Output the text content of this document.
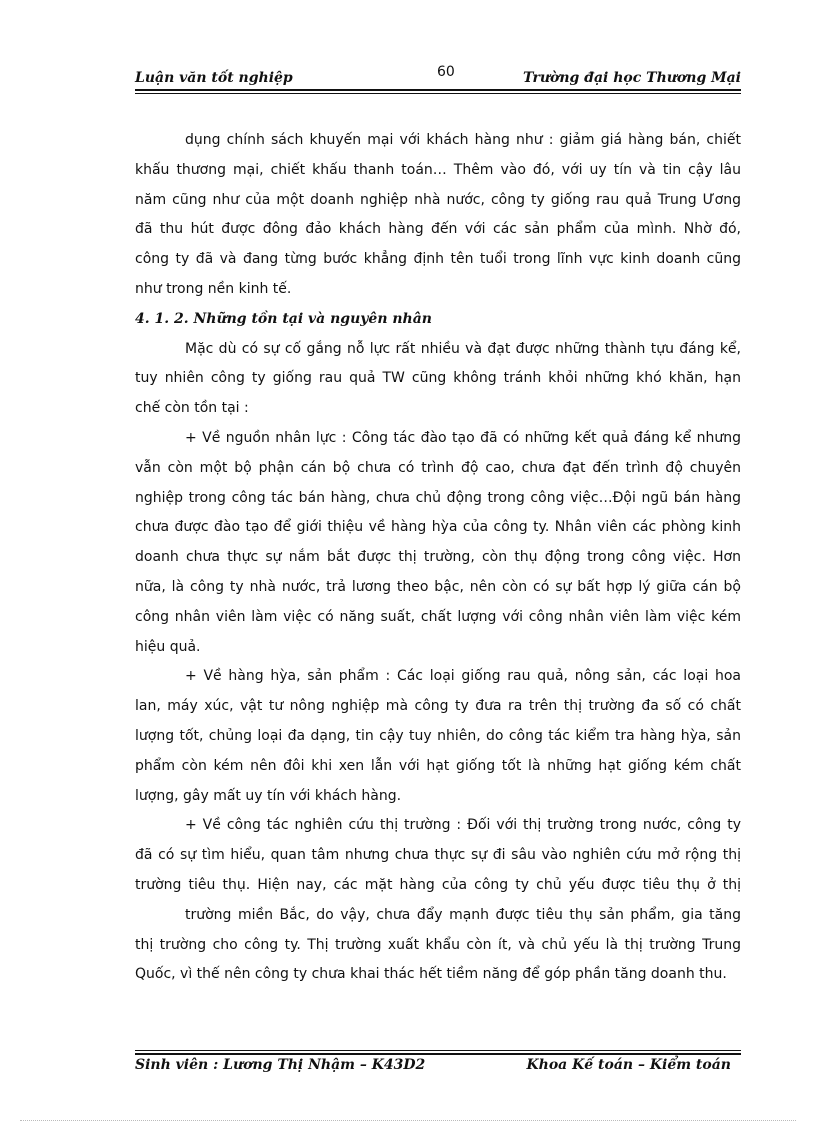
Luận văn tốt nghiệp	60	Trường đại học Thương Mại

dụng chính sách khuyến mại với khách hàng như : giảm giá hàng bán, chiết
khấu thương mại, chiết khấu thanh toán… Thêm vào đó, với uy tín và tin cậy lâu
năm cũng như của một doanh nghiệp nhà nước, công ty giống rau quả Trung Ương
đã thu hút được đông đảo khách hàng đến với các sản phẩm của mình. Nhờ đó,
công ty đã và đang từng bước khẳng định tên tuổi trong lĩnh vực kinh doanh cũng
như trong nền kinh tế.

4. 1. 2. Những tồn tại và nguyên nhân

Mặc dù có sự cố gắng nỗ lực rất nhiều và đạt được những thành tựu đáng kể,
tuy nhiên công ty giống rau quả TW cũng không tránh khỏi những khó khăn, hạn
chế còn tồn tại :

+ Về nguồn nhân lực : Công tác đào tạo đã có những kết quả đáng kể nhưng
vẫn còn một bộ phận cán bộ chưa có trình độ cao, chưa đạt đến trình độ chuyên
nghiệp trong công tác bán hàng, chưa chủ động trong công việc…Đội ngũ bán hàng
chưa được đào tạo để giới thiệu về hàng hỳa của công ty. Nhân viên các phòng kinh
doanh chưa thực sự nắm bắt được thị trường, còn thụ động trong công việc. Hơn
nữa, là công ty nhà nước, trả lương theo bậc, nên còn có sự bất hợp lý giữa cán bộ
công nhân viên làm việc có năng suất, chất lượng với công nhân viên làm việc kém
hiệu quả.

+ Về hàng hỳa, sản phẩm : Các loại giống rau quả, nông sản, các loại hoa
lan, máy xúc, vật tư nông nghiệp mà công ty đưa ra trên thị trường đa số có chất
lượng tốt, chủng loại đa dạng, tin cậy tuy nhiên, do công tác kiểm tra hàng hỳa, sản
phẩm còn kém nên đôi khi xen lẫn với hạt giống tốt là những hạt giống kém chất
lượng, gây mất uy tín với khách hàng.

+ Về công tác nghiên cứu thị trường : Đối với thị trường trong nước, công ty
đã có sự tìm hiểu, quan tâm nhưng chưa thực sự đi sâu vào nghiên cứu mở rộng thị
trường tiêu thụ. Hiện nay, các mặt hàng của công ty chủ yếu được tiêu thụ ở thị

trường miền Bắc, do vậy, chưa đẩy mạnh được tiêu thụ sản phẩm, gia tăng
thị trường cho công ty. Thị trường xuất khẩu còn ít, và chủ yếu là thị trường Trung
Quốc, vì thế nên công ty chưa khai thác hết tiềm năng để góp phần tăng doanh thu.

Sinh viên : Lương Thị Nhậm – K43D2	Khoa Kế toán – Kiểm toán
